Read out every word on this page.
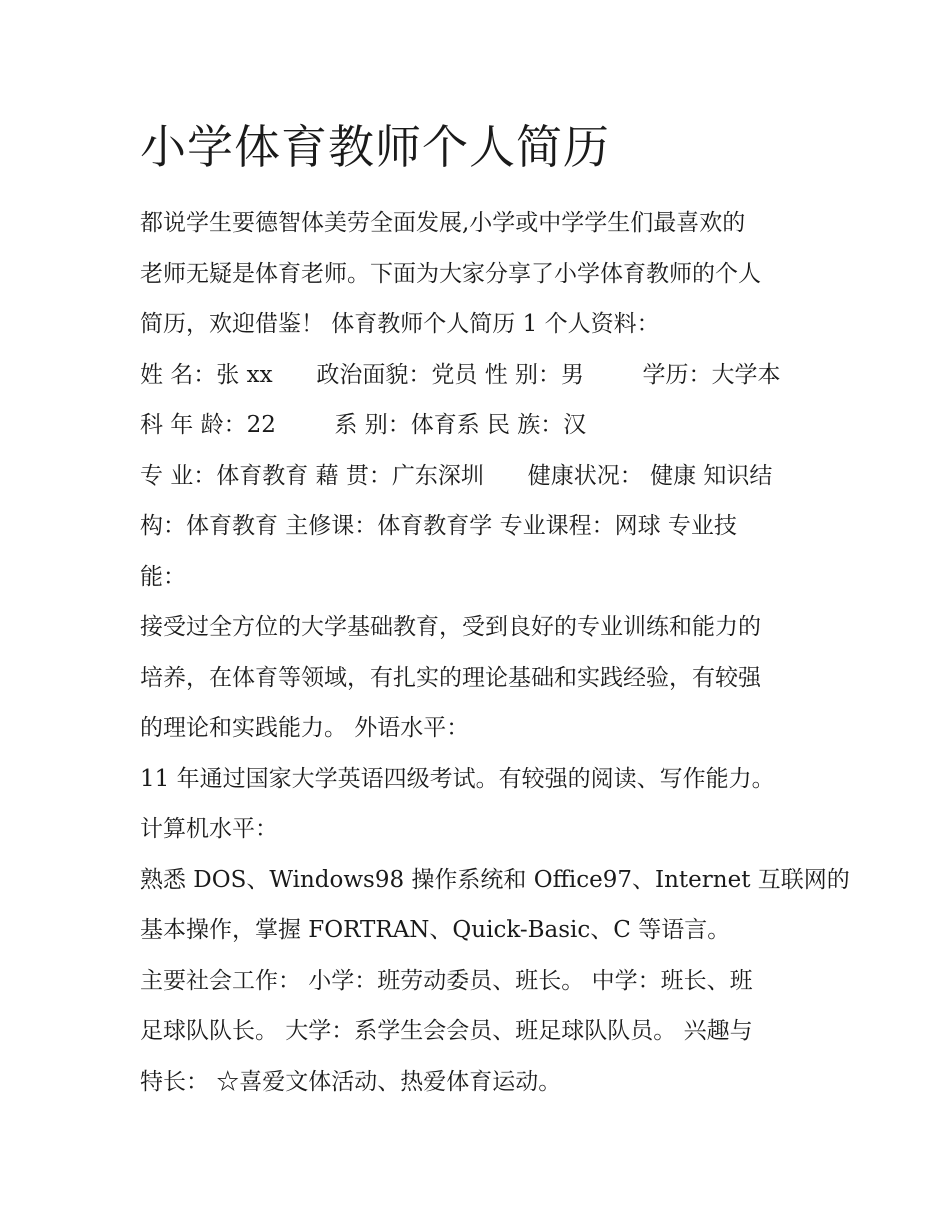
小学体育教师个人简历
都说学生要德智体美劳全面发展,小学或中学学生们最喜欢的
老师无疑是体育老师。下面为大家分享了小学体育教师的个人
简历，欢迎借鉴！ 体育教师个人简历 1 个人资料：
姓 名：张 xx      政治面貌：党员 性 别：男        学历：大学本
科 年 龄：22        系 别：体育系 民 族：汉
专 业：体育教育 藉 贯：广东深圳      健康状况： 健康 知识结
构：体育教育 主修课：体育教育学 专业课程：网球 专业技
能：
接受过全方位的大学基础教育，受到良好的专业训练和能力的
培养，在体育等领域，有扎实的理论基础和实践经验，有较强
的理论和实践能力。 外语水平：
11 年通过国家大学英语四级考试。有较强的阅读、写作能力。
计算机水平：
熟悉 DOS、Windows98 操作系统和 Office97、Internet 互联网的
基本操作，掌握 FORTRAN、Quick-Basic、C 等语言。
主要社会工作： 小学：班劳动委员、班长。 中学：班长、班
足球队队长。 大学：系学生会会员、班足球队队员。 兴趣与
特长： ☆喜爱文体活动、热爱体育运动。
